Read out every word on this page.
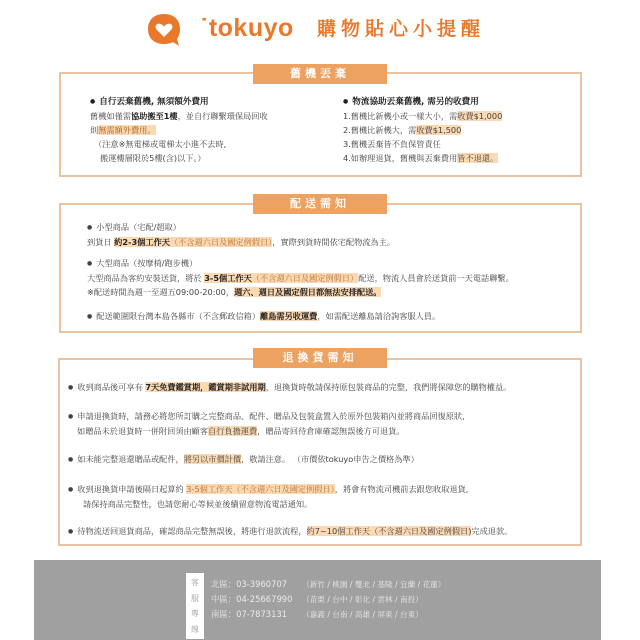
˙tokuyo 購物貼心小提醒
舊機丟棄
● 自行丟棄舊機, 無須額外費用
舊機如僅需協助搬至1樓，並自行聯繫環保局回收
則無需額外費用。
（注意※無電梯或電梯太小進不去時,
搬運樓層限於5樓(含)以下。）
● 物流協助丟棄舊機, 需另的收費用
1.舊機比新機小或一樣大小，需收費$1,000
2.舊機比新機大，需收費$1,500
3.舊機丟棄皆不負保管責任
4.如辦理退貨，舊機與丟棄費用皆不退還。
配送需知
● 小型商品（宅配/超取）
到貨日 約2-3個工作天（不含週六日及國定例假日），實際到貨時間依宅配物流為主。
● 大型商品（按摩椅/跑步機）
大型商品為客約安裝送貨，將於 3-5個工作天（不含週六日及國定例假日）配送，物流人員會於送貨前一天電話聯繫。
※配送時間為週一至週五09:00-20:00，週六、週日及國定假日都無法安排配送。
● 配送範圍限台灣本島各縣市（不含郵政信箱）離島需另收運費，如需配送離島請洽詢客服人員。
退換貨需知
● 收到商品後可享有 7天免費鑑賞期，鑑賞期非試用期，退換貨時敬請保持原包裝商品的完整，我們將保障您的購物權益。
● 申請退換貨時，請務必將您所訂購之完整商品、配件、贈品及包裝盒置入於原外包裝箱內並將商品回復原狀,
如贈品未於退貨時一併附回須由顧客自行負擔運費，贈品寄回待倉庫確認無誤後方可退貨。
● 如未能完整退還贈品或配件，將另以市價計價，敬請注意。 （市價依tokuyo申告之價格為準）
● 收到退換貨申請後隔日起算約 3-5個工作天（不含週六日及國定例假日），將會有物流司機前去跟您收取退貨,
請保持商品完整性，也請您耐心等候並後續留意物流電話通知。
● 待物流送回退貨商品，確認商品完整無誤後，將進行退款流程，約7~10個工作天（不含週六日及國定例假日)完成退款。
客
服
專
線
北區：03-3960707 （新竹 / 桃園 / 雙北 / 基隆 / 宜蘭 / 花蓮）
中區：04-25667990 （苗栗 / 台中 / 彰化 / 雲林 / 南投）
南區：07-7873131 （嘉義 / 台南 / 高雄 / 屏東 / 台東）
